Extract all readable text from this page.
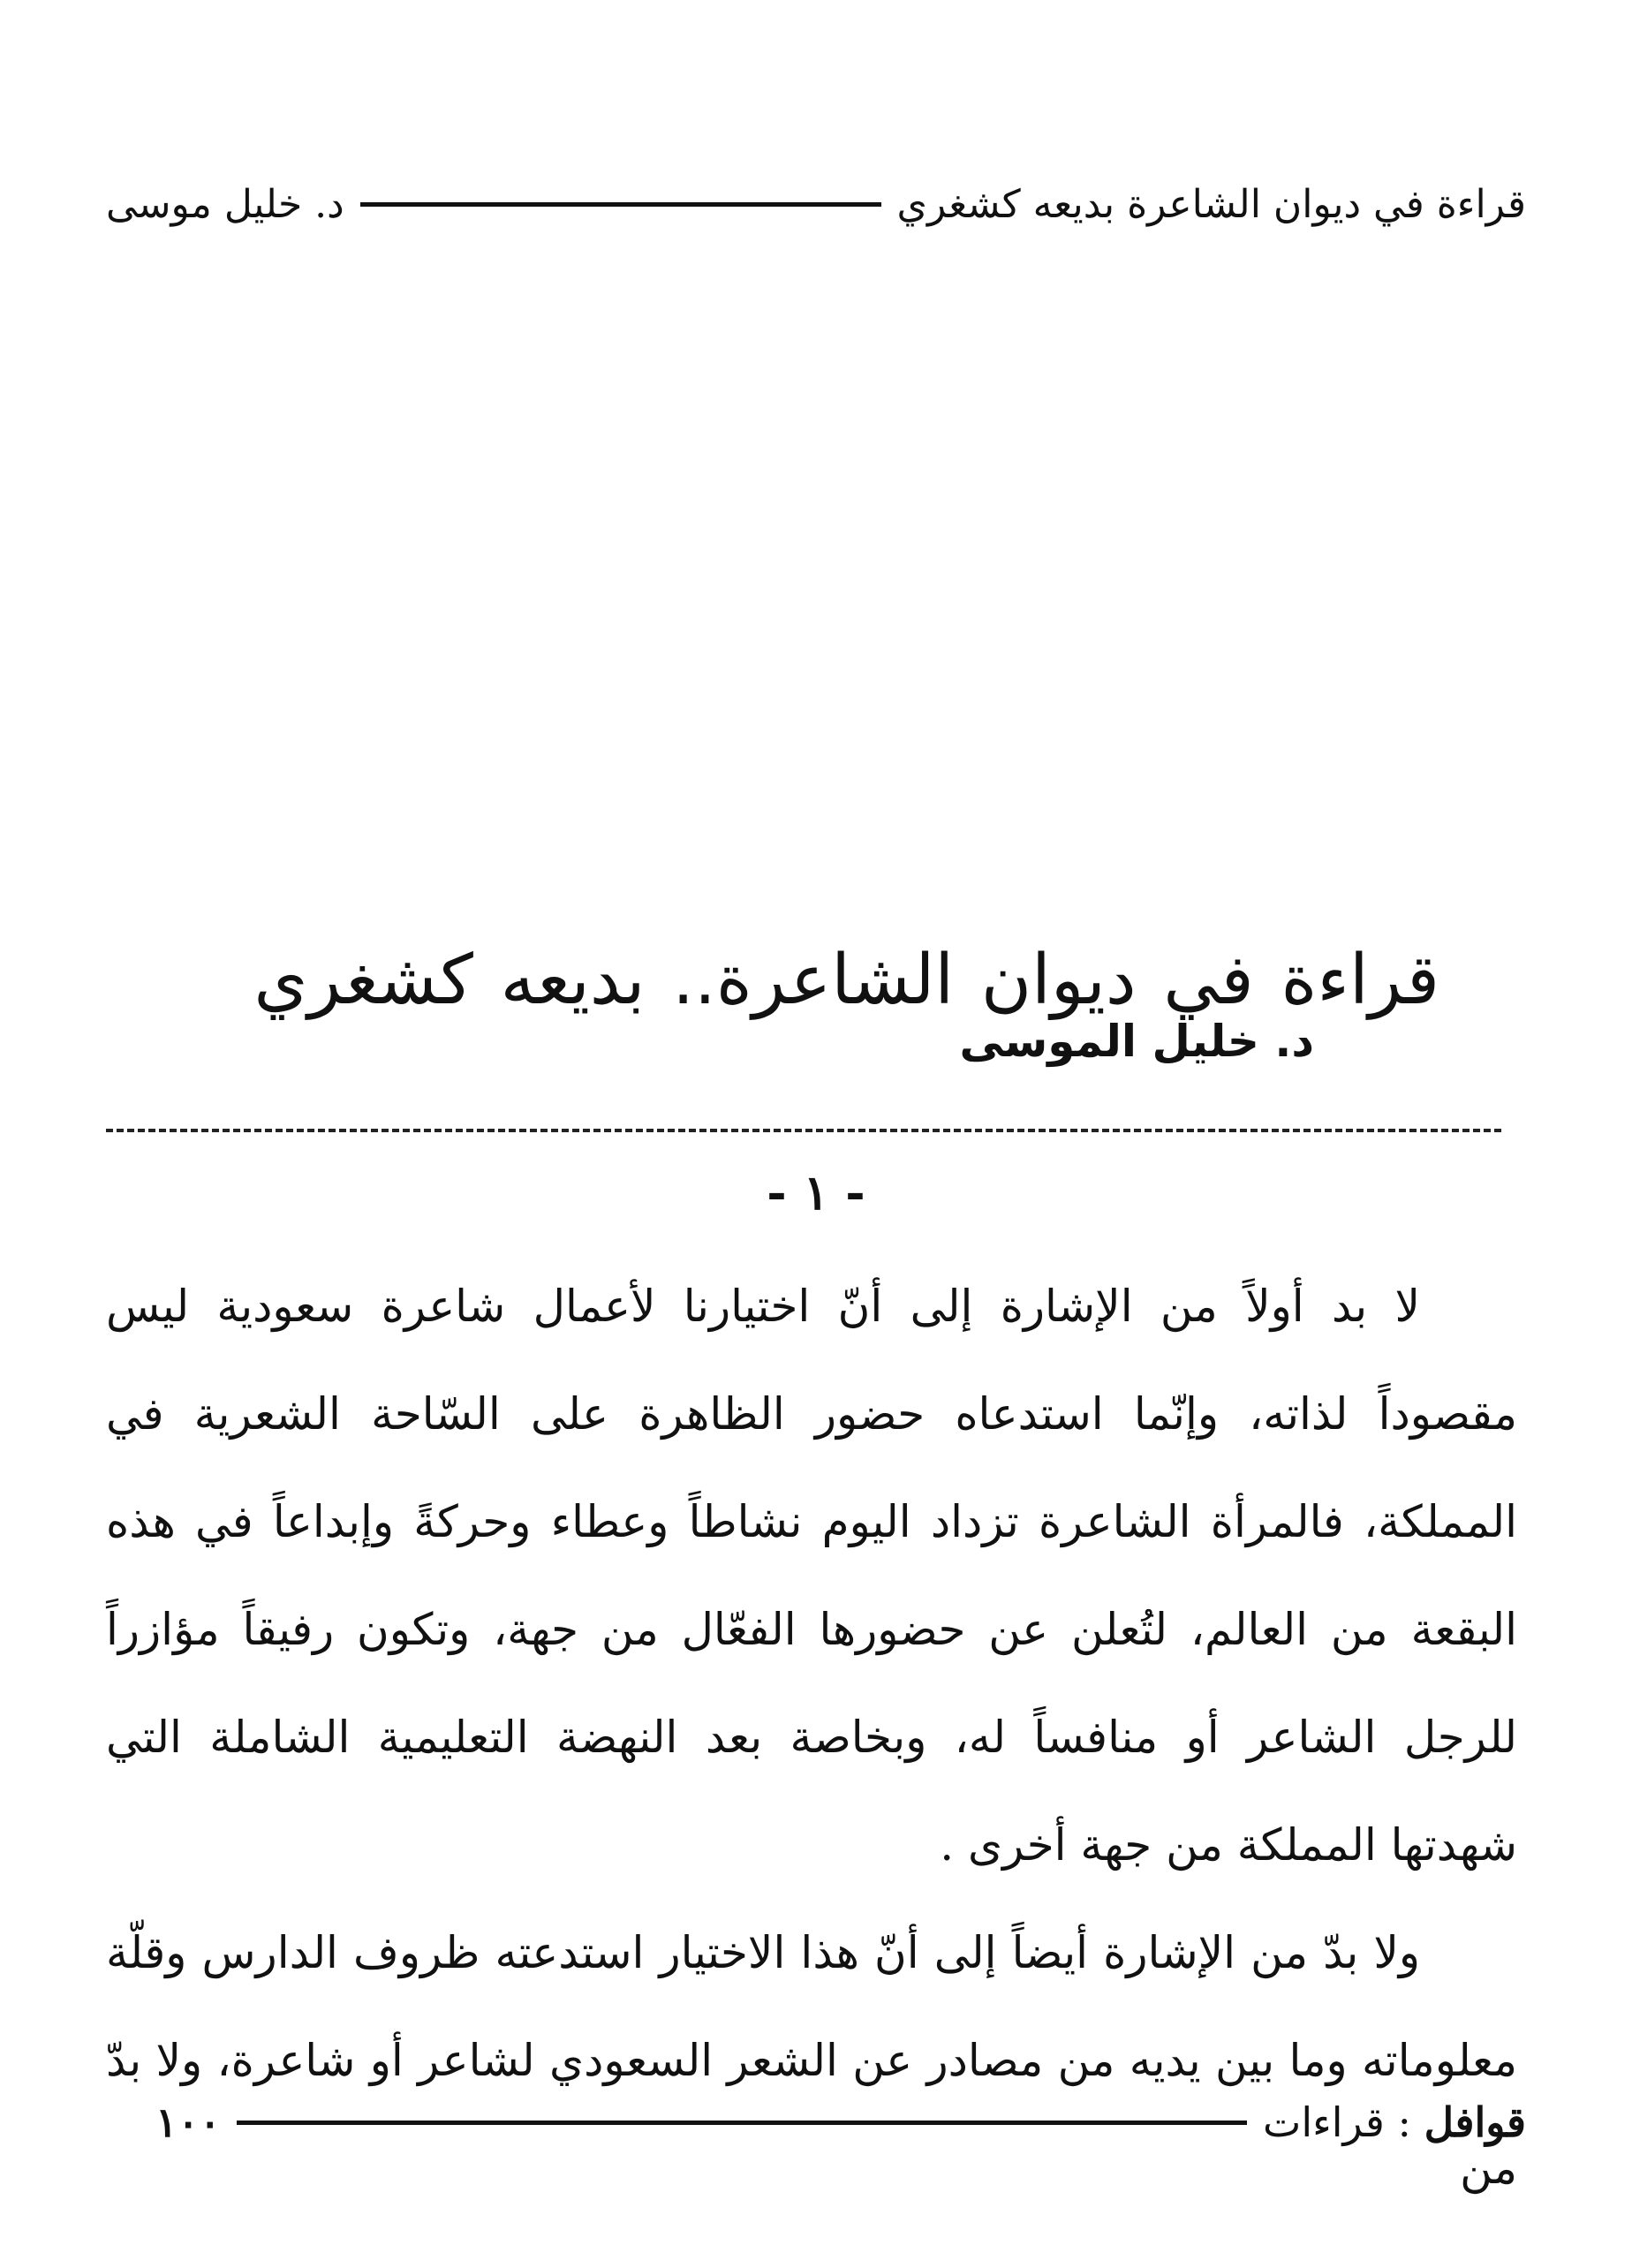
قراءة في ديوان الشاعرة بديعه كشغري
د. خليل موسى
قراءة في ديوان الشاعرة.. بديعه كشغري
د. خليل الموسى
- ١ -

لا بد أولاً من الإشارة إلى أنّ اختيارنا لأعمال شاعرة سعودية ليس مقصوداً لذاته، وإنّما استدعاه حضور الظاهرة على السّاحة الشعرية في المملكة، فالمرأة الشاعرة تزداد اليوم نشاطاً وعطاء وحركةً وإبداعاً في هذه البقعة من العالم، لتُعلن عن حضورها الفعّال من جهة، وتكون رفيقاً مؤازراً للرجل الشاعر أو منافساً له، وبخاصة بعد النهضة التعليمية الشاملة التي شهدتها المملكة من جهة أخرى .

ولا بدّ من الإشارة أيضاً إلى أنّ هذا الاختيار استدعته ظروف الدارس وقلّة معلوماته وما بين يديه من مصادر عن الشعر السعودي لشاعر أو شاعرة، ولا بدّ من

قوافل : قراءات
١٠٠
